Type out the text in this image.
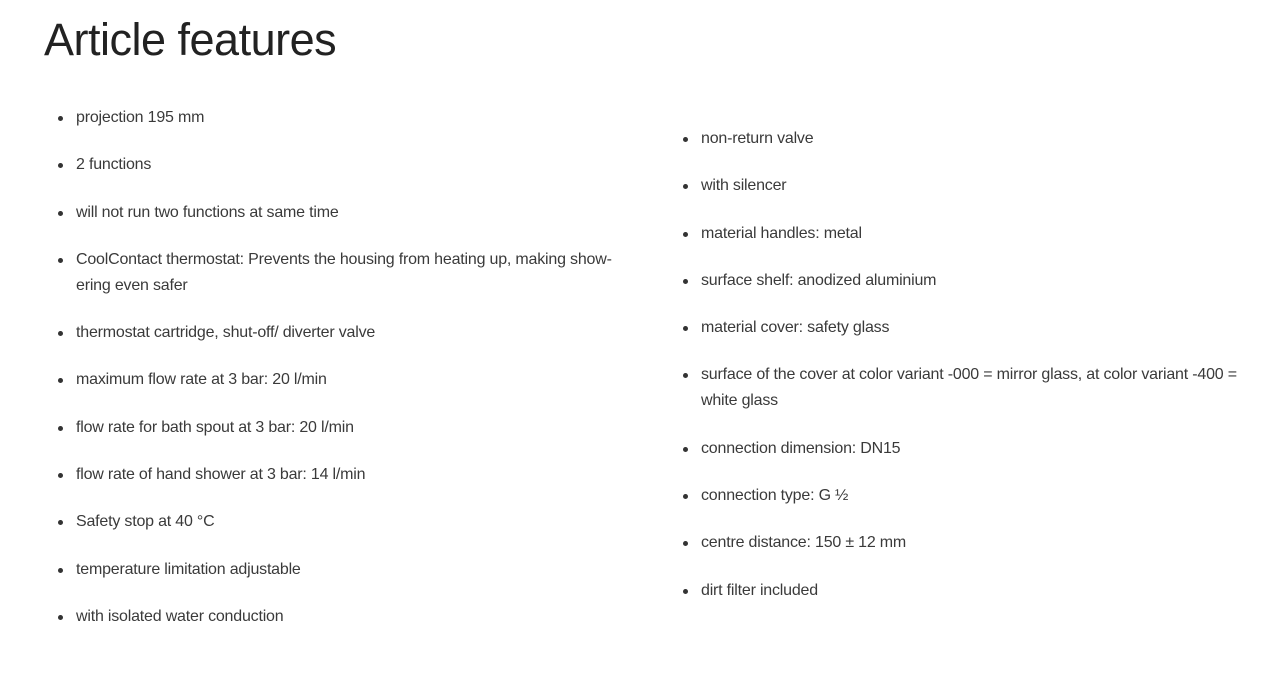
Article features
projection 195 mm
2 functions
will not run two functions at same time
CoolContact thermostat: Prevents the housing from heating up, making show-ering even safer
thermostat cartridge, shut-off/ diverter valve
maximum flow rate at 3 bar: 20 l/min
flow rate for bath spout at 3 bar: 20 l/min
flow rate of hand shower at 3 bar: 14 l/min
Safety stop at 40 °C
temperature limitation adjustable
with isolated water conduction
non-return valve
with silencer
material handles: metal
surface shelf: anodized aluminium
material cover: safety glass
surface of the cover at color variant -000 = mirror glass, at color variant -400 = white glass
connection dimension: DN15
connection type: G ½
centre distance: 150 ± 12 mm
dirt filter included
